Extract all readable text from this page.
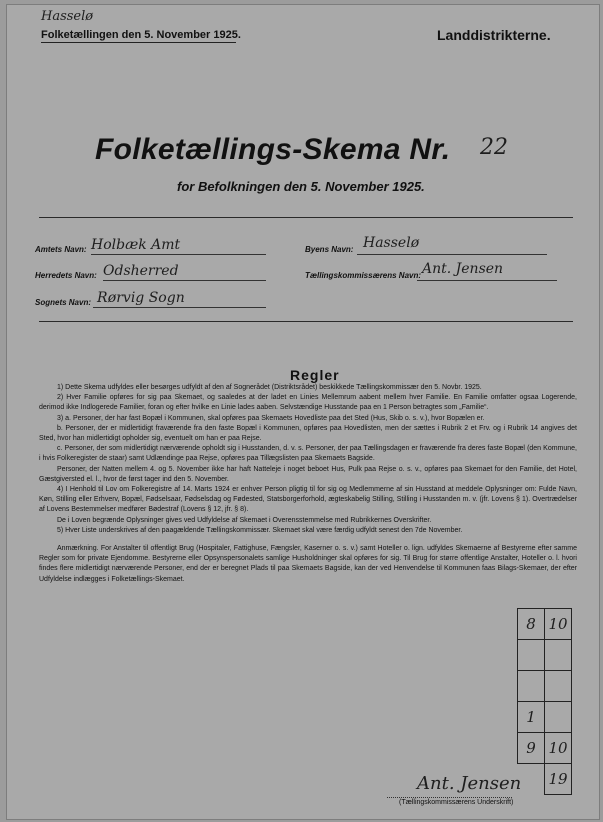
Hasselø
Folketællingen den 5. November 1925.	Landdistrikterne.
Folketællings-Skema Nr. 22
for Befolkningen den 5. November 1925.
Amtets Navn: Holbæk Amt	Byens Navn: Hasselø
Herredets Navn: Odsherred	Tællingskommissærens Navn: Ant. Jensen
Sognets Navn: Rørvig Sogn
Regler

1) Dette Skema udfyldes eller besørges udfyldt af den af Sognerådet (Distriktsrådet) beskikkede Tællingskommissær den 5. Novbr. 1925.

2) Hver Familie opføres for sig paa Skemaet, og saaledes at der ladet en Linies Mellemrum aabent mellem hver Familie. En Familie omfatter ogsaa Logerende, derimod ikke Indlogerede Familier, foran og efter hvilke en Linie lades aaben. Selvstændige Husstande paa en 1 Person betragtes som „Familie“.

3) a. Personer, der har fast Bopæl i Kommunen, skal opføres paa Skemaets Hovedliste paa det Sted (Hus, Skib o. s. v.), hvor Bopælen er.

b. Personer, der er midlertidigt fraværende fra den faste Bopæl i Kommunen, opføres paa Hovedlisten, men der sættes i Rubrik 2 et Frv. og i Rubrik 14 angives det Sted, hvor han midlertidigt opholder sig, eventuelt om han er paa Rejse.

c. Personer, der som midlertidigt nærværende opholdt sig i Husstanden, d. v. s. Personer, der paa Tællingsdagen er fraværende fra deres faste Bopæl (den Kommune, i hvis Folkeregister de staar) samt Udlændinge paa Rejse, opføres paa Tillægslisten paa Skemaets Bagside.

Personer, der Natten mellem 4. og 5. November ikke har haft Natteleje i noget beboet Hus, Pulk paa Rejse o. s. v., opføres paa Skemaet for den Familie, det Hotel, Gæstgiversted el. l., hvor de først tager ind den 5. November.

4) I Henhold til Lov om Folkeregistre af 14. Marts 1924 er enhver Person pligtig til for sig og Medlemmerne af sin Husstand at meddele Oplysninger om: Fulde Navn, Køn, Stilling eller Erhverv, Bopæl, Fødselsaar, Fødselsdag og Fødested, Statsborgerforhold, ægteskabelig Stilling, Stilling i Husstanden m. v. (jfr. Lovens § 1). Overtrædelser af Lovens Bestemmelser medfører Bødestraf (Lovens § 12, jfr. § 8).

De i Loven begrænde Oplysninger gives ved Udfyldelse af Skemaet i Overensstemmelse med Rubrikkernes Overskrifter.

5) Hver Liste underskrives af den paagældende Tællingskommissær. Skemaet skal være færdig udfyldt senest den 7de November.

Anmærkning. For Anstalter til offentligt Brug (Hospitaler, Fattighuse, Fængsler, Kaserner o. s. v.) samt Hoteller o. lign. udfyldes Skemaerne af Bestyrerne efter samme Regler som for private Ejendomme. Bestyrerne eller Opsynspersonalets samlige Husholdninger skal opføres for sig. Til Brug for større offentlige Anstalter, Hoteller o. l. hvori findes flere midlertidigt nærværende Personer, end der er beregnet Plads til paa Skemaets Bagside, kan der ved Henvendelse til Kommunen faas Bilags-Skemaer, der efter Udfyldelse indlægges i Folketællings-Skemaet.

8	10

1	
9	10
	19
Ant. Jensen
(Tællingskommissærens Underskrift)
